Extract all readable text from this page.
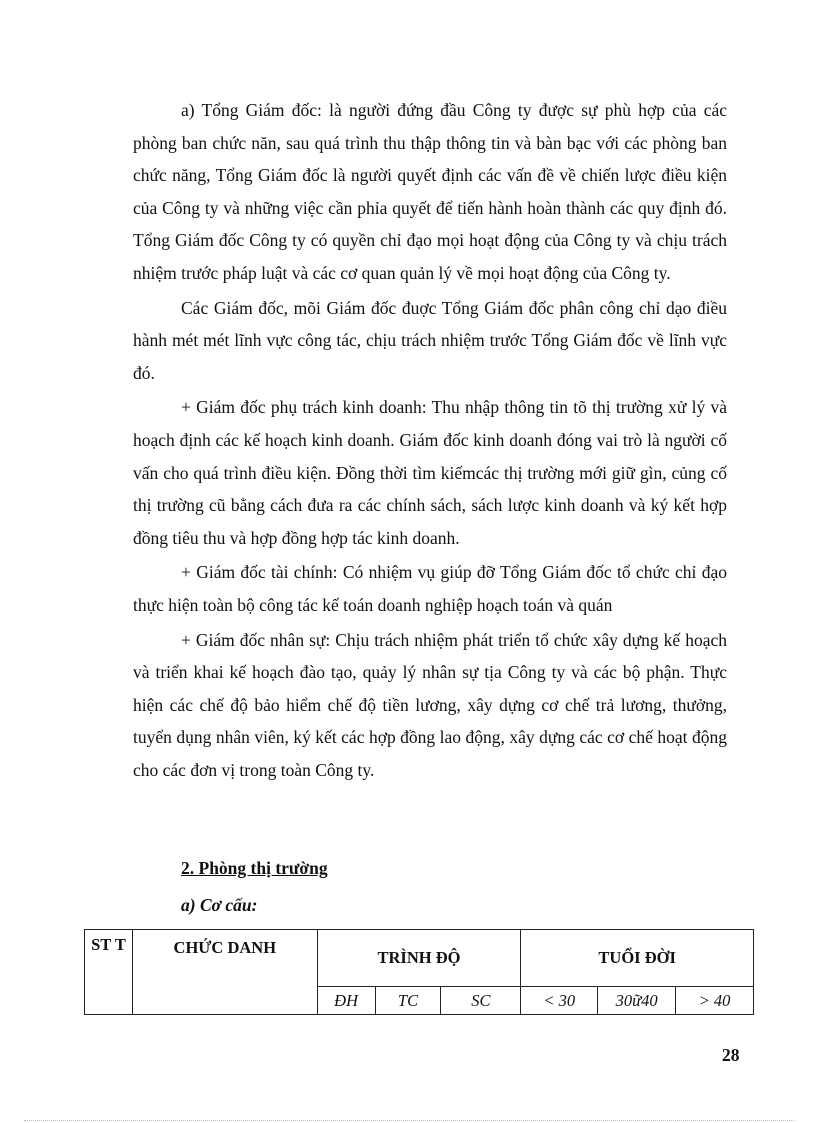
a) Tổng Giám đốc: là người đứng đầu Công ty được sự phù hợp của các phòng ban chức năn, sau quá trình thu thập thông tin và bàn bạc với các phòng ban chức năng, Tổng Giám đốc là người quyết định các vấn đề về chiến lược điều kiện của Công ty và những việc cần phỉa quyết để tiến hành hoàn thành các quy định đó. Tổng Giám đốc Công ty có quyền chỉ đạo mọi hoạt động của Công ty và chịu trách nhiệm trước pháp luật và các cơ quan quản lý về mọi hoạt động của Công ty.

Các Giám đốc, mõi Giám đốc đuợc Tổng Giám đốc phân công chỉ dạo điều hành mét mét lĩnh vực công tác, chịu trách nhiệm trước Tổng Giám đốc về lĩnh vực đó.

+ Giám đốc phụ trách kinh doanh: Thu nhập thông tin tõ thị trường xử lý và hoạch định các kế hoạch kinh doanh. Giám đốc kinh doanh đóng vai trò là người cố vấn cho quá trình điều kiện. Đồng thời tìm kiếmcác thị trường mới giữ gìn, củng cố thị trường cũ bằng cách đưa ra các chính sách, sách lược kinh doanh và ký kết hợp đồng tiêu thu và hợp đồng hợp tác kinh doanh.

+ Giám đốc tài chính: Có nhiệm vụ giúp đỡ Tổng Giám đốc tổ chức chỉ đạo thực hiện toàn bộ công tác kế toán doanh nghiệp hoạch toán và quán

+ Giám đốc nhân sự: Chịu trách nhiệm phát triển tổ chức xây dựng kế hoạch và triển khai kế hoạch đào tạo, quảy lý nhân sự tịa Công ty và các bộ phận. Thực hiện các chế độ bảo hiểm chế độ tiền lương, xây dựng cơ chế trả lương, thưởng, tuyển dụng nhân viên, ký kết các hợp đồng lao động, xây dựng các cơ chế hoạt động cho các đơn vị trong toàn Công ty.

2. Phòng thị trường
a) Cơ cấu:
ST T	CHỨC DANH	TRÌNH ĐỘ			TUỔI ĐỜI		
		ĐH	TC	SC	< 30	30ữ40	> 40
28
